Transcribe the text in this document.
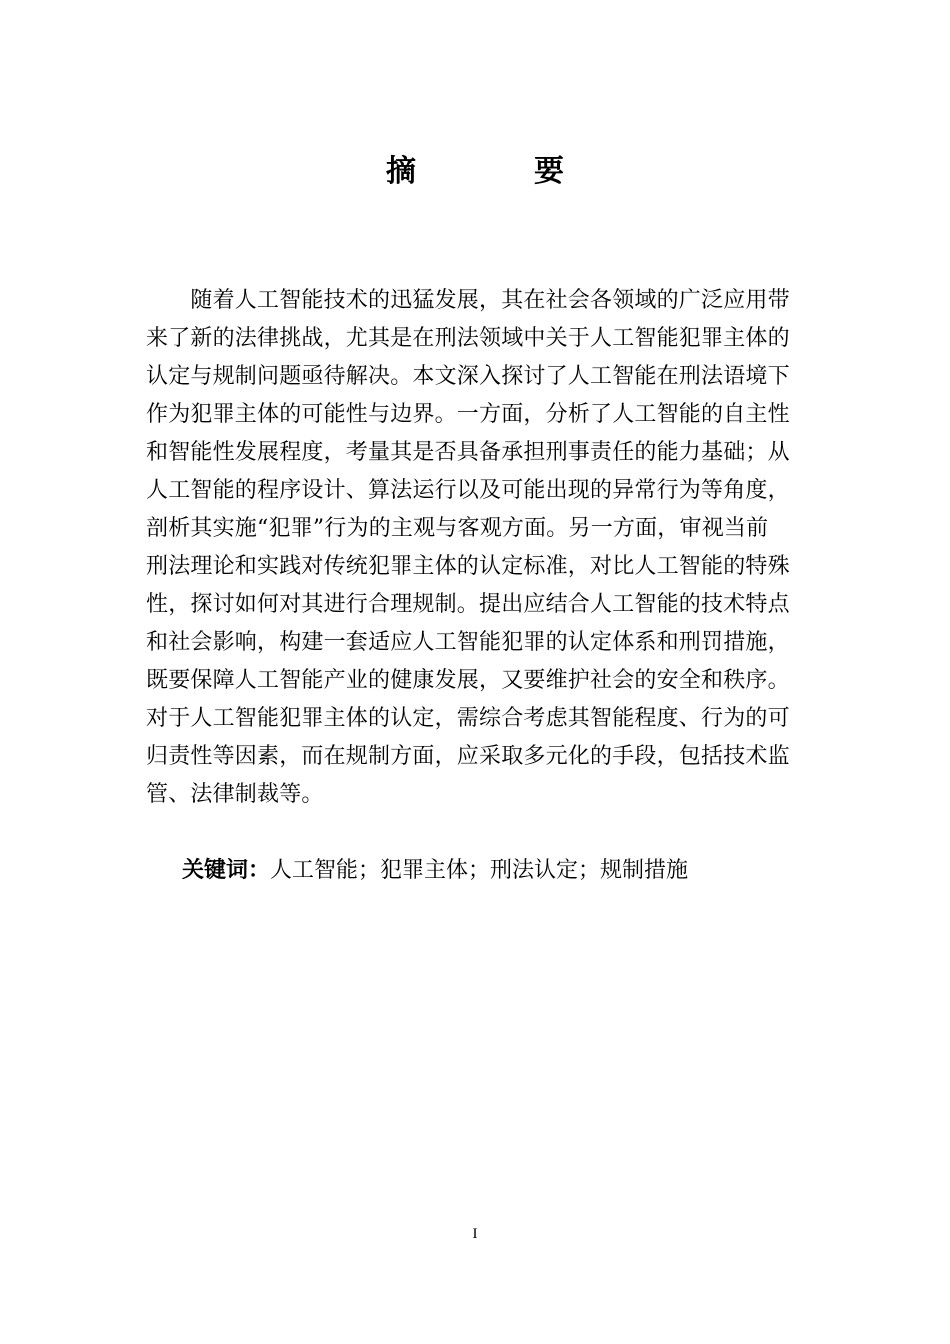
摘　要
　　随着人工智能技术的迅猛发展，其在社会各领域的广泛应用带
来了新的法律挑战，尤其是在刑法领域中关于人工智能犯罪主体的
认定与规制问题亟待解决。本文深入探讨了人工智能在刑法语境下
作为犯罪主体的可能性与边界。一方面，分析了人工智能的自主性
和智能性发展程度，考量其是否具备承担刑事责任的能力基础；从
人工智能的程序设计、算法运行以及可能出现的异常行为等角度，
剖析其实施“犯罪”行为的主观与客观方面。另一方面，审视当前
刑法理论和实践对传统犯罪主体的认定标准，对比人工智能的特殊
性，探讨如何对其进行合理规制。提出应结合人工智能的技术特点
和社会影响，构建一套适应人工智能犯罪的认定体系和刑罚措施，
既要保障人工智能产业的健康发展，又要维护社会的安全和秩序。
对于人工智能犯罪主体的认定，需综合考虑其智能程度、行为的可
归责性等因素，而在规制方面，应采取多元化的手段，包括技术监
管、法律制裁等。
关键词：人工智能；犯罪主体；刑法认定；规制措施
I
